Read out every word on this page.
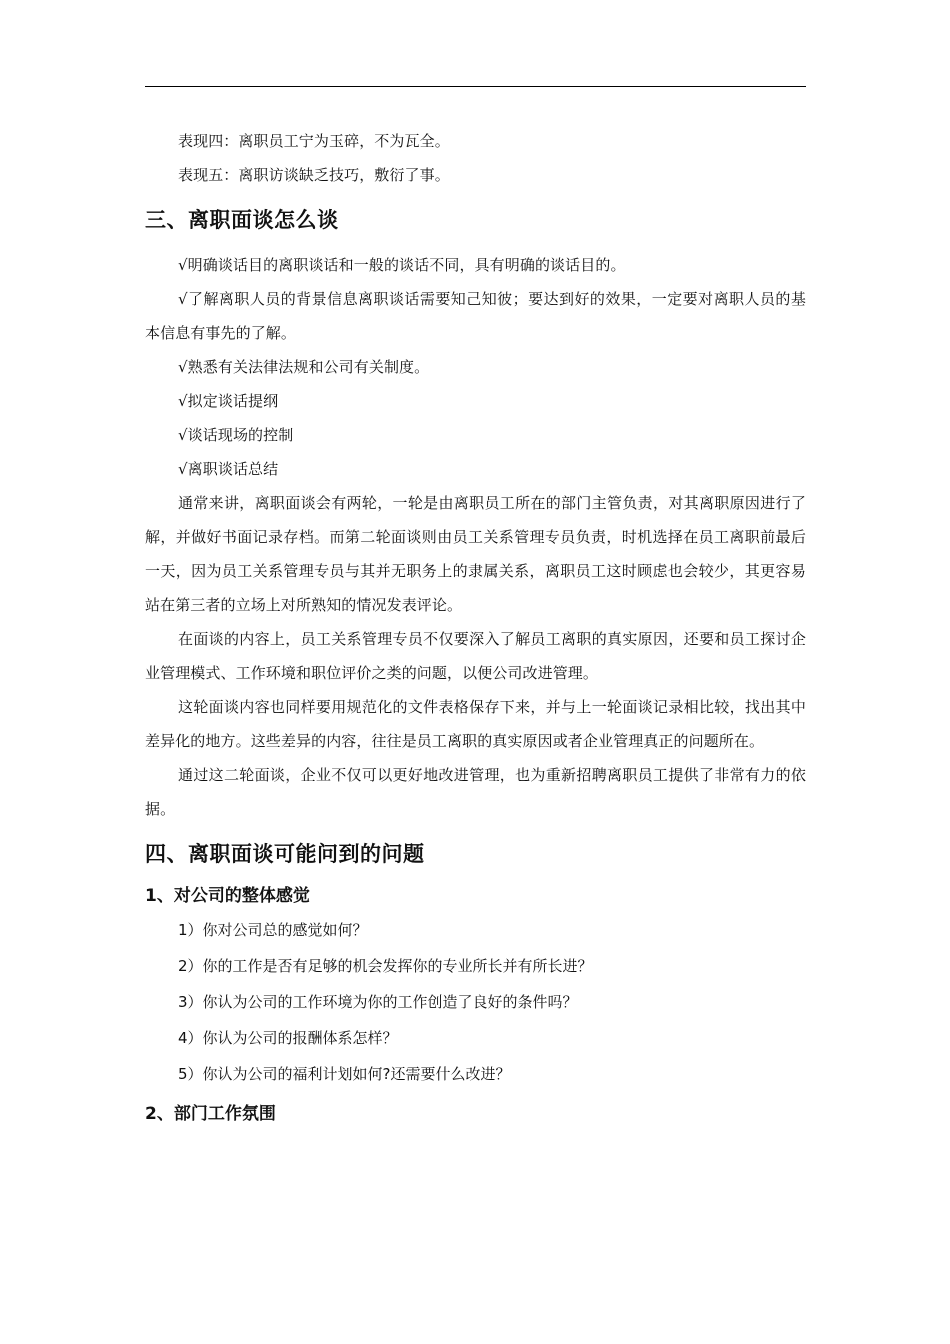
表现四：离职员工宁为玉碎，不为瓦全。

表现五：离职访谈缺乏技巧，敷衍了事。

三、离职面谈怎么谈

√明确谈话目的离职谈话和一般的谈话不同，具有明确的谈话目的。

√了解离职人员的背景信息离职谈话需要知己知彼；要达到好的效果，一定要对离职人员的基本信息有事先的了解。

√熟悉有关法律法规和公司有关制度。

√拟定谈话提纲

√谈话现场的控制

√离职谈话总结

通常来讲，离职面谈会有两轮，一轮是由离职员工所在的部门主管负责，对其离职原因进行了解，并做好书面记录存档。而第二轮面谈则由员工关系管理专员负责，时机选择在员工离职前最后一天，因为员工关系管理专员与其并无职务上的隶属关系，离职员工这时顾虑也会较少，其更容易站在第三者的立场上对所熟知的情况发表评论。

在面谈的内容上，员工关系管理专员不仅要深入了解员工离职的真实原因，还要和员工探讨企业管理模式、工作环境和职位评价之类的问题，以便公司改进管理。

这轮面谈内容也同样要用规范化的文件表格保存下来，并与上一轮面谈记录相比较，找出其中差异化的地方。这些差异的内容，往往是员工离职的真实原因或者企业管理真正的问题所在。

通过这二轮面谈，企业不仅可以更好地改进管理，也为重新招聘离职员工提供了非常有力的依据。

四、离职面谈可能问到的问题
1、对公司的整体感觉

1）你对公司总的感觉如何？

2）你的工作是否有足够的机会发挥你的专业所长并有所长进？

3）你认为公司的工作环境为你的工作创造了良好的条件吗？

4）你认为公司的报酬体系怎样？

5）你认为公司的福利计划如何?还需要什么改进？

2、部门工作氛围
